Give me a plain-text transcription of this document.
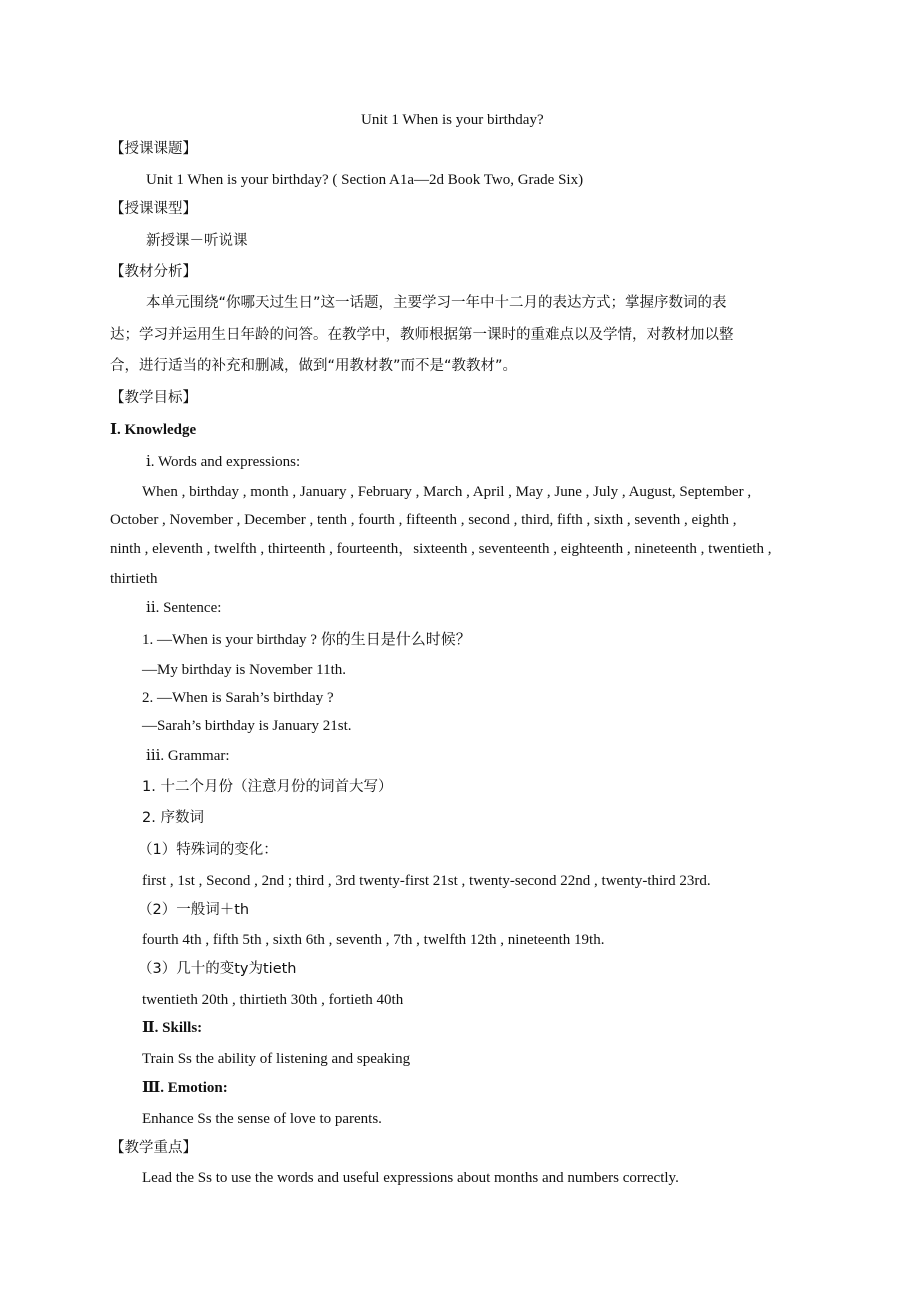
Unit 1 When is your birthday?
【授课课题】
Unit 1 When is your birthday? ( Section A1a—2d Book Two, Grade Six)
【授课课型】
新授课－听说课
【教材分析】
本单元围绕“你哪天过生日”这一话题，主要学习一年中十二月的表达方式；掌握序数词的表
达；学习并运用生日年龄的问答。在教学中，教师根据第一课时的重难点以及学情，对教材加以整
合，进行适当的补充和删减，做到“用教材教”而不是“教教材”。
【教学目标】
Ⅰ. Knowledge
ⅰ. Words and expressions:
When , birthday , month , January , February , March , April , May , June , July , August, September ,
October , November , December , tenth , fourth , fifteenth , second , third, fifth , sixth , seventh , eighth ,
ninth , eleventh , twelfth , thirteenth , fourteenth，sixteenth , seventeenth , eighteenth , nineteenth , twentieth ,
thirtieth
ⅱ. Sentence:
1. —When is your birthday ? 你的生日是什么时候？
—My birthday is November 11th.
2. —When is Sarah’s birthday ?
—Sarah’s birthday is January 21st.
ⅲ. Grammar:
1. 十二个月份（注意月份的词首大写）
2. 序数词
（1）特殊词的变化：
first , 1st , Second , 2nd ; third , 3rd twenty-first 21st , twenty-second 22nd , twenty-third 23rd.
（2）一般词＋th
fourth 4th , fifth 5th , sixth 6th , seventh , 7th , twelfth 12th , nineteenth 19th.
（3）几十的变ty为tieth
twentieth 20th , thirtieth 30th , fortieth 40th
Ⅱ. Skills:
Train Ss the ability of listening and speaking
Ⅲ. Emotion:
Enhance Ss the sense of love to parents.
【教学重点】
Lead the Ss to use the words and useful expressions about months and numbers correctly.
